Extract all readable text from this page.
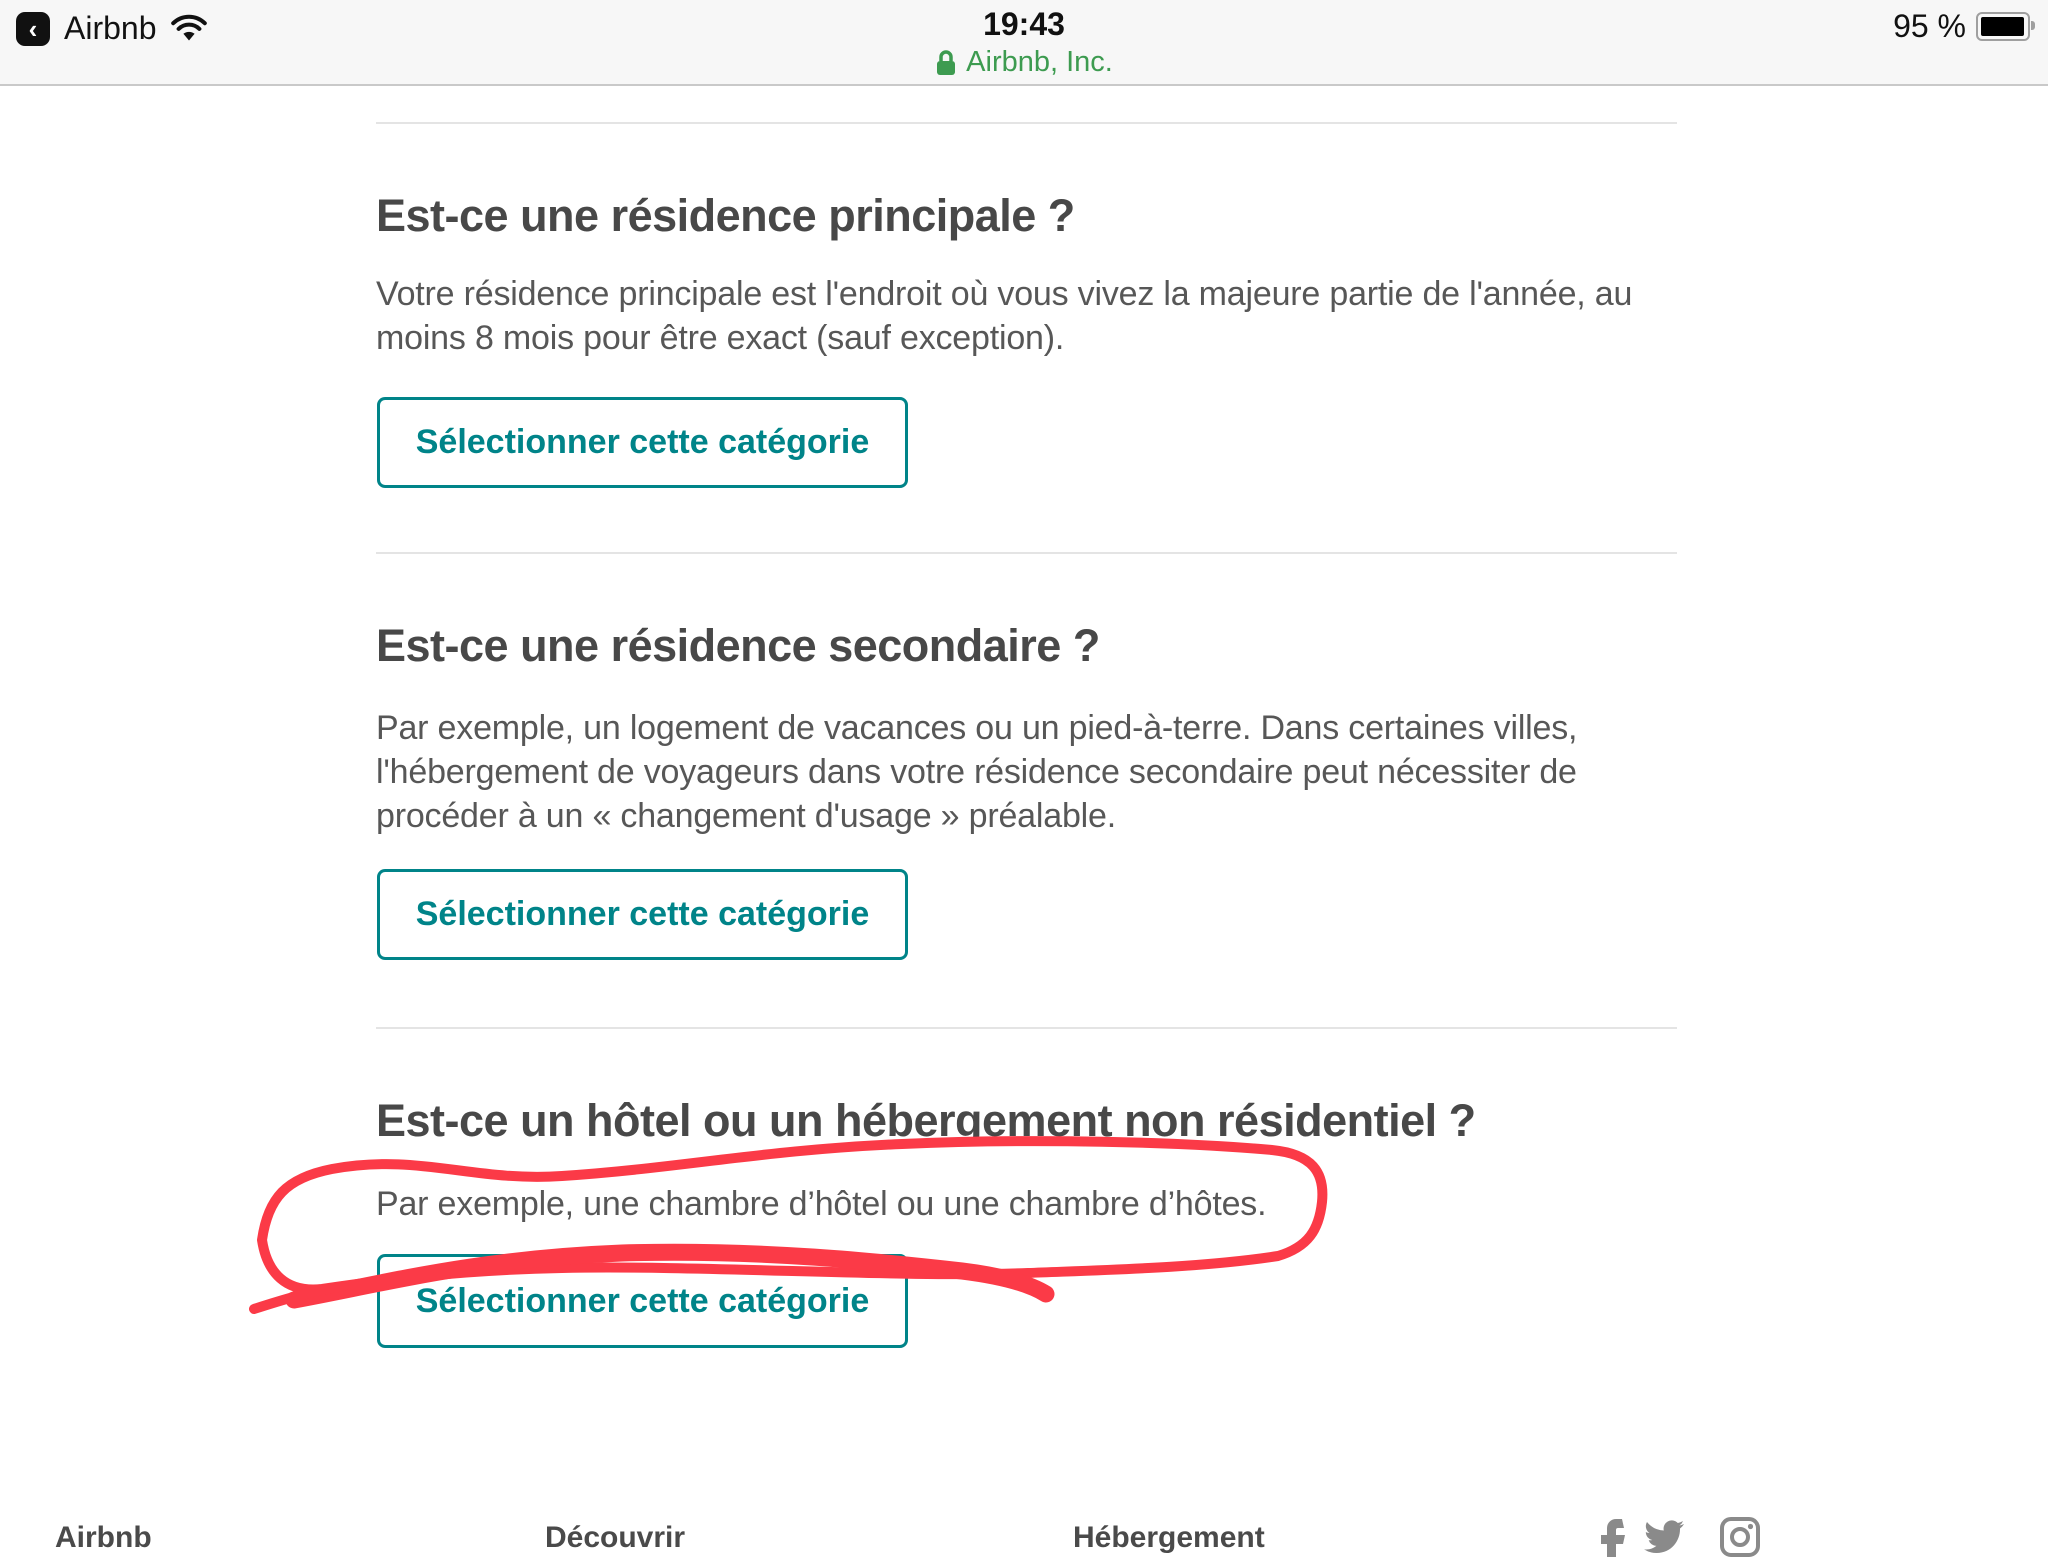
‹ Airbnb	19:43
Airbnb, Inc.
95 %
Est-ce une résidence principale ?
Votre résidence principale est l'endroit où vous vivez la majeure partie de l'année, au
moins 8 mois pour être exact (sauf exception).
Sélectionner cette catégorie
Est-ce une résidence secondaire ?
Par exemple, un logement de vacances ou un pied-à-terre. Dans certaines villes,
l'hébergement de voyageurs dans votre résidence secondaire peut nécessiter de
procéder à un « changement d'usage » préalable.
Sélectionner cette catégorie
Est-ce un hôtel ou un hébergement non résidentiel ?
Par exemple, une chambre d’hôtel ou une chambre d’hôtes.
Sélectionner cette catégorie
Airbnb	Découvrir	Hébergement
